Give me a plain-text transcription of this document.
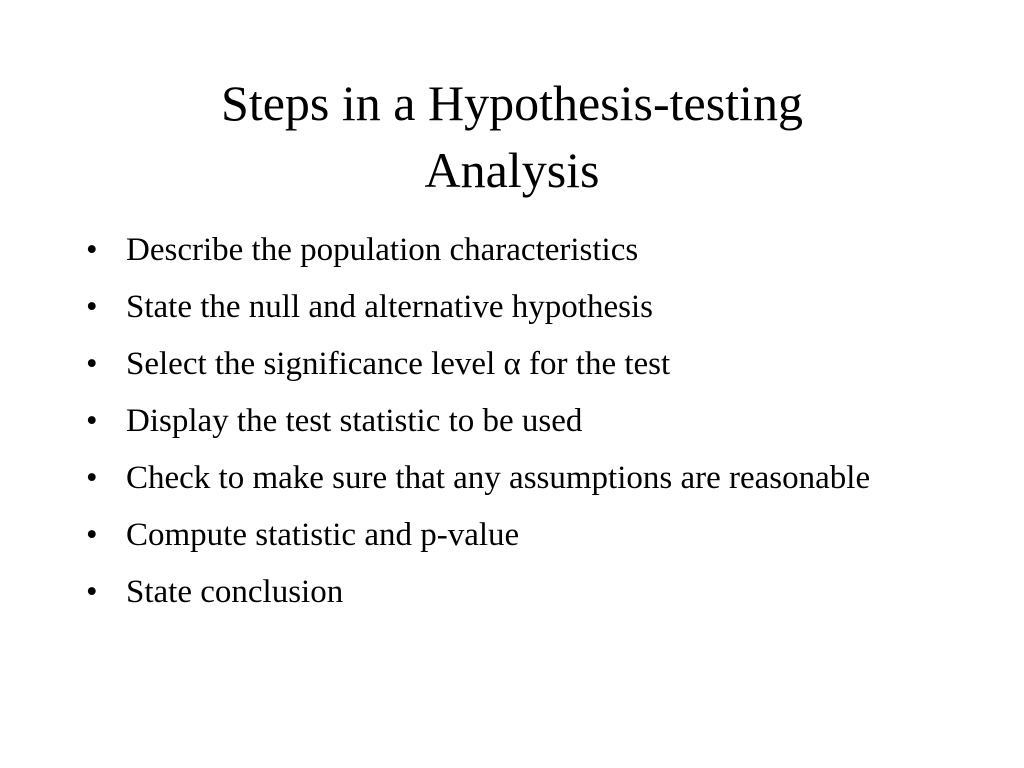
Steps in a Hypothesis-testing
Analysis
• Describe the population characteristics
• State the null and alternative hypothesis
• Select the significance level α for the test
• Display the test statistic to be used
• Check to make sure that any assumptions are reasonable
• Compute statistic and p-value
• State conclusion
